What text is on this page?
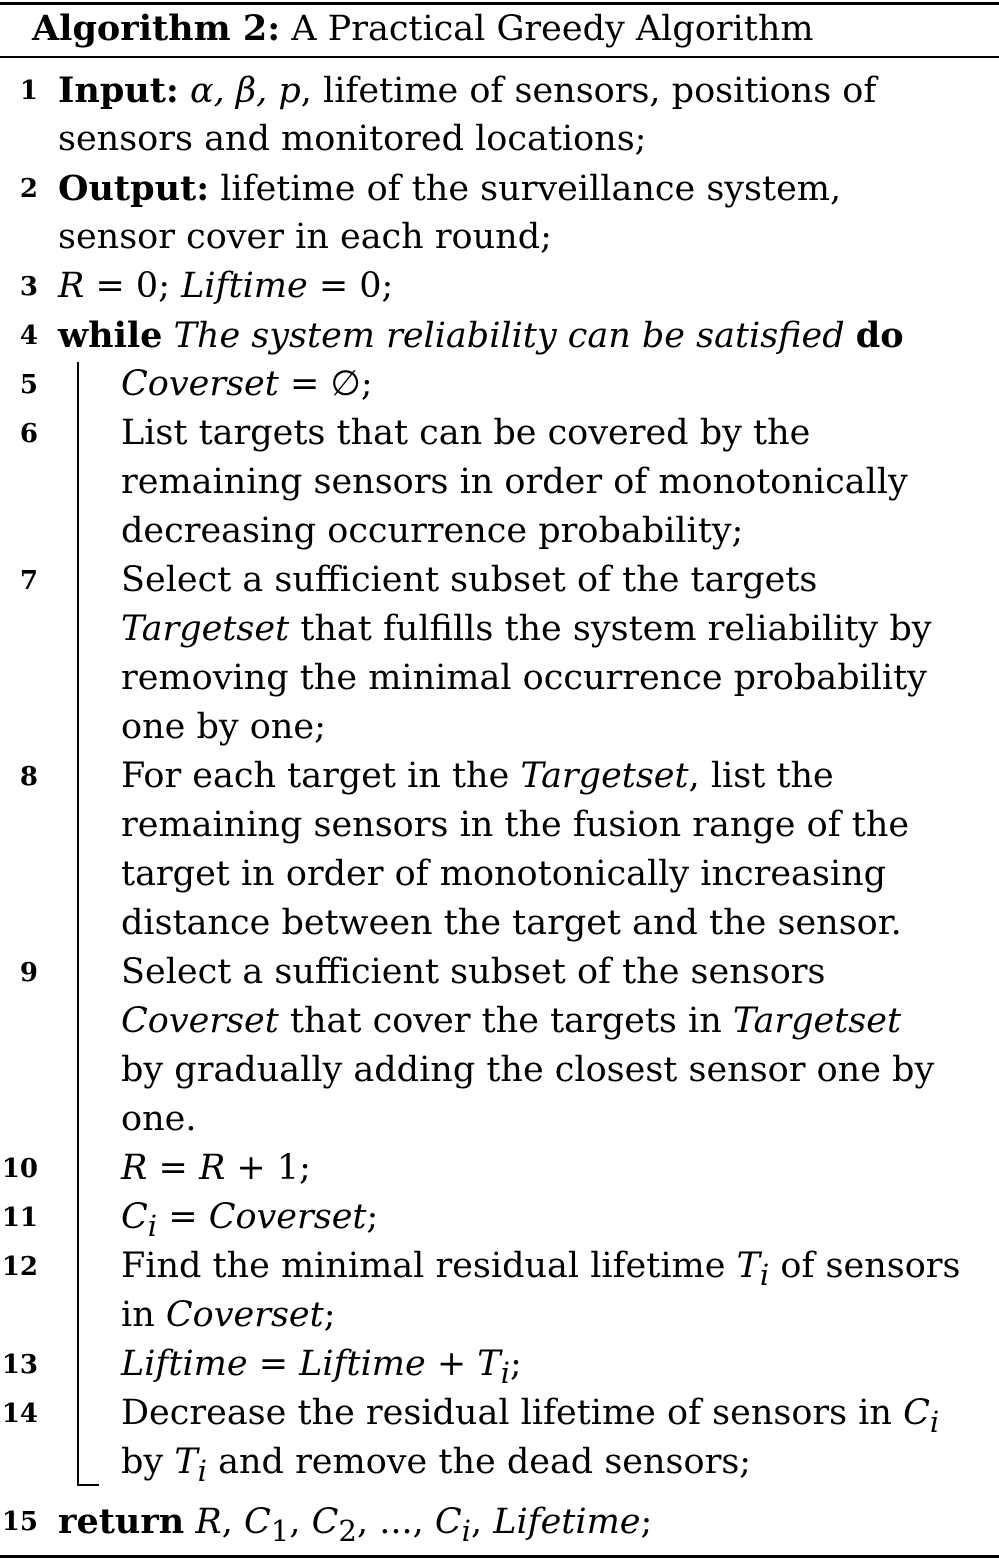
Algorithm 2: A Practical Greedy Algorithm
1 Input: α, β, p, lifetime of sensors, positions of
sensors and monitored locations;
2 Output: lifetime of the surveillance system,
sensor cover in each round;
3 R = 0; Liftime = 0;
4 while The system reliability can be satisfied do
5 Coverset = ∅;
6 List targets that can be covered by the
remaining sensors in order of monotonically
decreasing occurrence probability;
7 Select a sufficient subset of the targets
Targetset that fulfills the system reliability by
removing the minimal occurrence probability
one by one;
8 For each target in the Targetset, list the
remaining sensors in the fusion range of the
target in order of monotonically increasing
distance between the target and the sensor.
9 Select a sufficient subset of the sensors
Coverset that cover the targets in Targetset
by gradually adding the closest sensor one by
one.
10 R = R + 1;
11 $C_i$ = Coverset;
12 Find the minimal residual lifetime $T_i$ of sensors
in Coverset;
13 Liftime = Liftime + $T_i$;
14 Decrease the residual lifetime of sensors in $C_i$
by $T_i$ and remove the dead sensors;
15 return R, $C_1$, $C_2$, ..., $C_i$, Lifetime;
